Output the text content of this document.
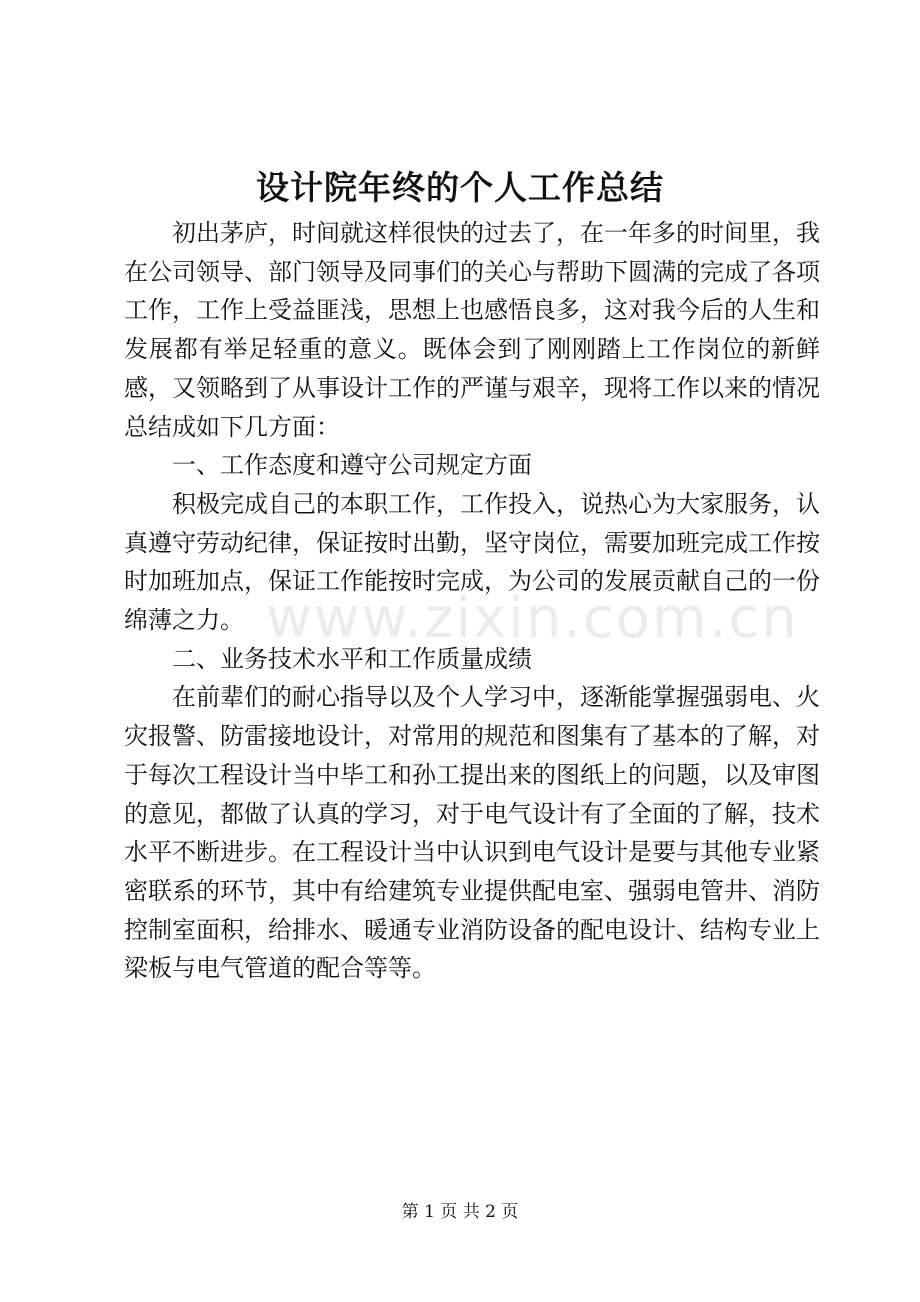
设计院年终的个人工作总结

初出茅庐，时间就这样很快的过去了，在一年多的时间里，我在公司领导、部门领导及同事们的关心与帮助下圆满的完成了各项工作，工作上受益匪浅，思想上也感悟良多，这对我今后的人生和发展都有举足轻重的意义。既体会到了刚刚踏上工作岗位的新鲜感，又领略到了从事设计工作的严谨与艰辛，现将工作以来的情况总结成如下几方面：

一、工作态度和遵守公司规定方面

积极完成自己的本职工作，工作投入，说热心为大家服务，认真遵守劳动纪律，保证按时出勤，坚守岗位，需要加班完成工作按时加班加点，保证工作能按时完成，为公司的发展贡献自己的一份绵薄之力。

二、业务技术水平和工作质量成绩

在前辈们的耐心指导以及个人学习中，逐渐能掌握强弱电、火灾报警、防雷接地设计，对常用的规范和图集有了基本的了解，对于每次工程设计当中毕工和孙工提出来的图纸上的问题，以及审图的意见，都做了认真的学习，对于电气设计有了全面的了解，技术水平不断进步。在工程设计当中认识到电气设计是要与其他专业紧密联系的环节，其中有给建筑专业提供配电室、强弱电管井、消防控制室面积，给排水、暖通专业消防设备的配电设计、结构专业上梁板与电气管道的配合等等。

www.zixin.com.cn

第 1 页 共 2 页
